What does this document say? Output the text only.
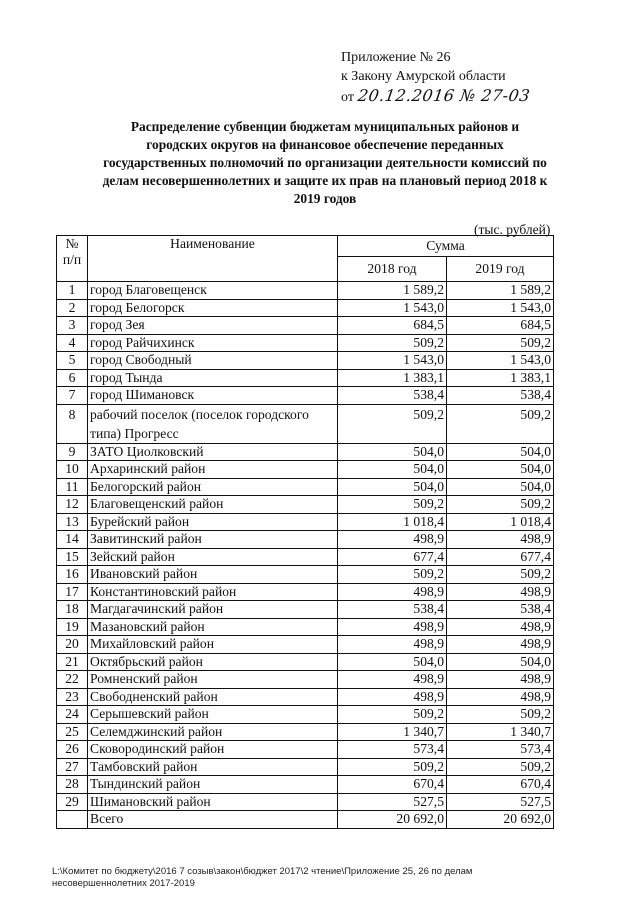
Приложение № 26
к Закону Амурской области
от 20.12.2016 № 27-03
Распределение субвенции бюджетам муниципальных районов и
городских округов на финансовое обеспечение переданных
государственных полномочий по организации деятельности комиссий по
делам несовершеннолетних и защите их прав на плановый период 2018 к
2019 годов
(тыс. рублей)
№
п/п	Наименование	Сумма	
		2018 год	2019 год
1	город Благовещенск	1 589,2	1 589,2
2	город Белогорск	1 543,0	1 543,0
3	город Зея	684,5	684,5
4	город Райчихинск	509,2	509,2
5	город Свободный	1 543,0	1 543,0
6	город Тында	1 383,1	1 383,1
7	город Шимановск	538,4	538,4
8	рабочий поселок (поселок городского
типа) Прогресс	509,2	509,2
9	ЗАТО Циолковский	504,0	504,0
10	Архаринский район	504,0	504,0
11	Белогорский район	504,0	504,0
12	Благовещенский район	509,2	509,2
13	Бурейский район	1 018,4	1 018,4
14	Завитинский район	498,9	498,9
15	Зейский район	677,4	677,4
16	Ивановский район	509,2	509,2
17	Константиновский район	498,9	498,9
18	Магдагачинский район	538,4	538,4
19	Мазановский район	498,9	498,9
20	Михайловский район	498,9	498,9
21	Октябрьский район	504,0	504,0
22	Ромненский район	498,9	498,9
23	Свободненский район	498,9	498,9
24	Серышевский район	509,2	509,2
25	Селемджинский район	1 340,7	1 340,7
26	Сковородинский район	573,4	573,4
27	Тамбовский район	509,2	509,2
28	Тындинский район	670,4	670,4
29	Шимановский район	527,5	527,5
	Всего	20 692,0	20 692,0
L:\Комитет по бюджету\2016 7 созыв\закон\бюджет 2017\2 чтение\Приложение 25, 26 по делам
несовершеннолетних 2017-2019
